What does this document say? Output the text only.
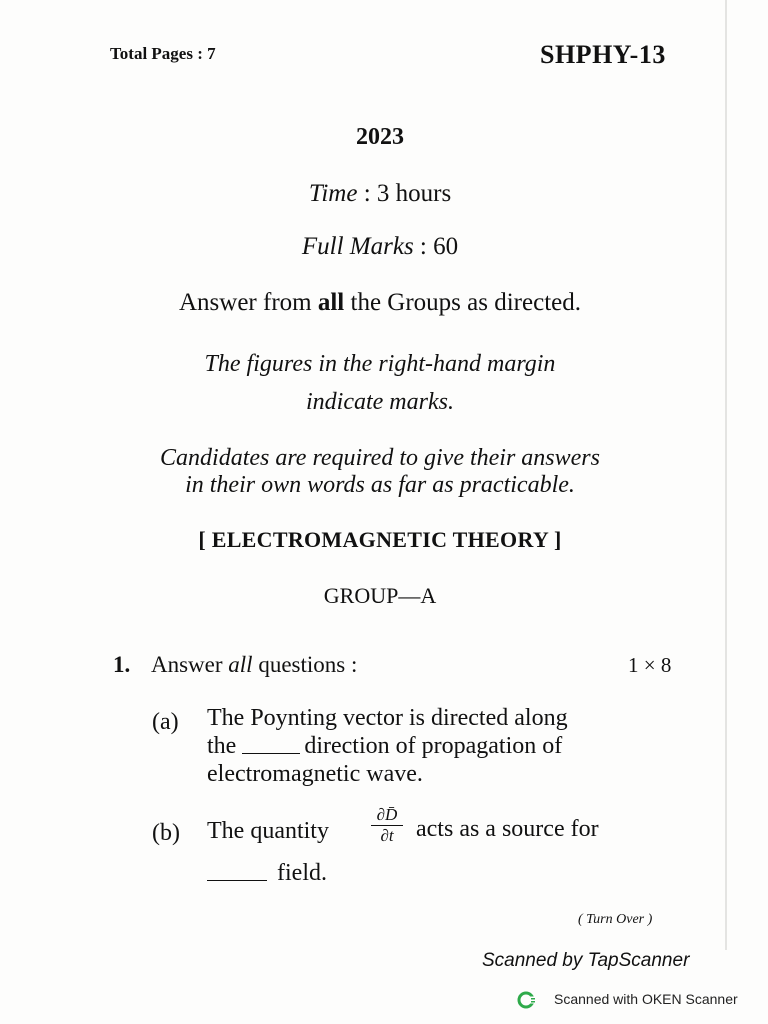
Total Pages : 7	SHPHY-13
2023
Time : 3 hours
Full Marks : 60
Answer from all the Groups as directed.
The figures in the right-hand margin
indicate marks.
Candidates are required to give their answers
in their own words as far as practicable.
[ ELECTROMAGNETIC THEORY ]
GROUP—A
1. Answer all questions :	1 × 8
(a) The Poynting vector is directed along
the	direction of propagation of
electromagnetic wave.
(b) The quantity
∂D̄
∂t acts as a source for
field.
( Turn Over )
Scanned by TapScanner
Scanned with OKEN Scanner
